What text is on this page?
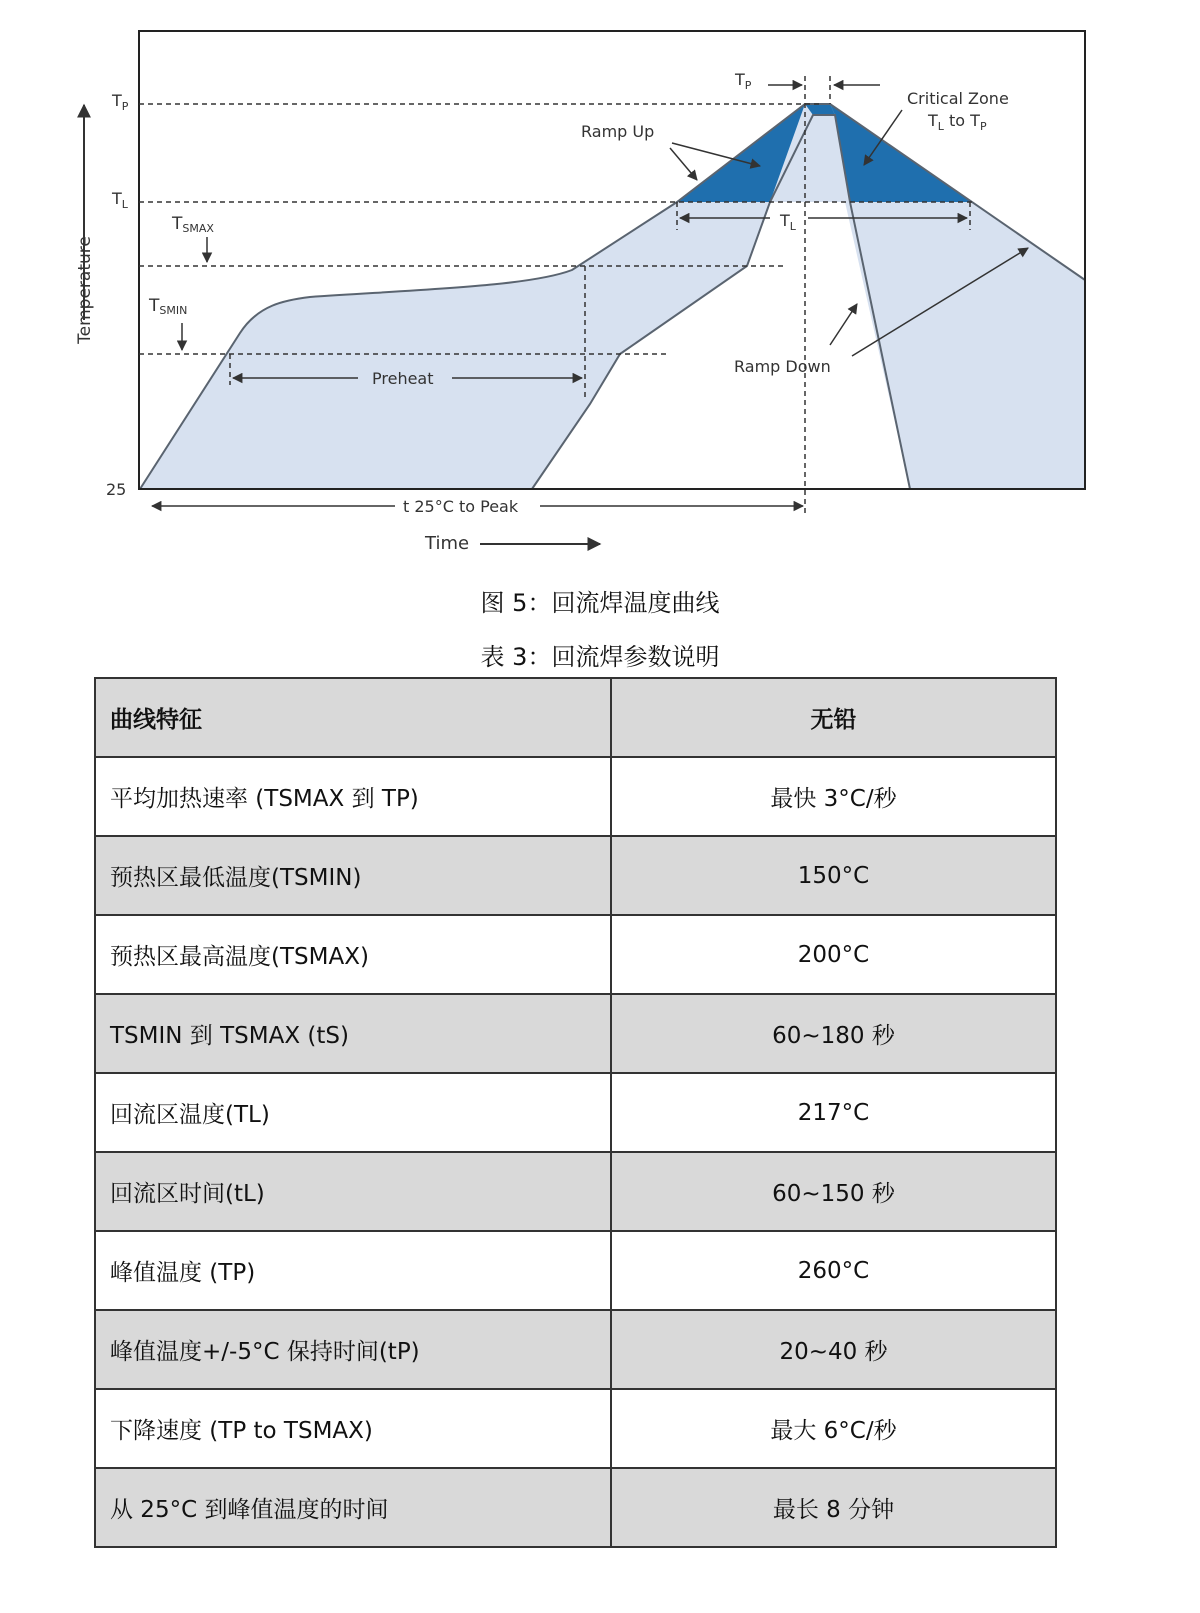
Temperature
$T_P$
$T_L$
25
TSMAX
TSMIN
$T_P$
Ramp Up
Critical Zone
$T_L$ to $T_P$
$T_L$
Preheat
Ramp Down
t 25°C to Peak
Time
图 5：回流焊温度曲线
表 3：回流焊参数说明
曲线特征	无铅
平均加热速率 (TSMAX 到 TP)	最快 3°C/秒
预热区最低温度(TSMIN)	150°C
预热区最高温度(TSMAX)	200°C
TSMIN 到 TSMAX (tS)	60~180 秒
回流区温度(TL)	217°C
回流区时间(tL)	60~150 秒
峰值温度 (TP)	260°C
峰值温度+/-5°C 保持时间(tP)	20~40 秒
下降速度 (TP to TSMAX)	最大 6°C/秒
从 25°C 到峰值温度的时间	最长 8 分钟
